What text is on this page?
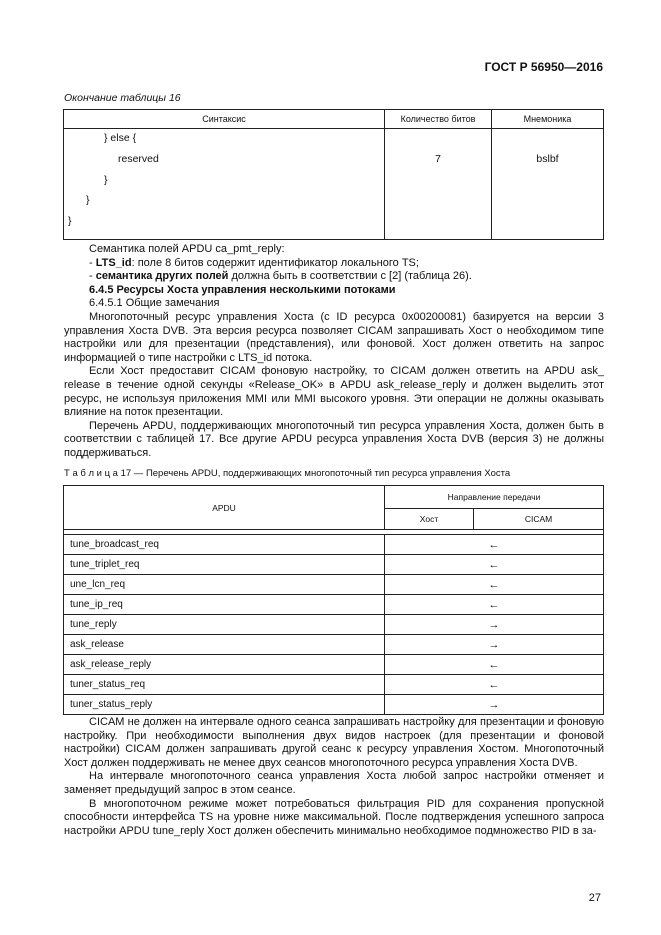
ГОСТ Р 56950—2016
Окончание таблицы 16
Синтаксис	Количество битов	Мнемоника

} else {
reserved
}
}
}	7	bslbf
Семантика полей APDU ca_pmt_reply:
- LTS_id: поле 8 битов содержит идентификатор локального TS;
- семантика других полей должна быть в соответствии с [2] (таблица 26).
6.4.5 Ресурсы Хоста управления несколькими потоками
6.4.5.1 Общие замечания
Многопоточный ресурс управления Хоста (с ID ресурса 0x00200081) базируется на версии 3 управления Хоста DVB. Эта версия ресурса позволяет CICAM запрашивать Хост о необходимом типе настройки или для презентации (представления), или фоновой. Хост должен ответить на запрос информацией о типе настройки с LTS_id потока.
Если Хост предоставит CICAM фоновую настройку, то CICAM должен ответить на APDU ask_ release в течение одной секунды «Release_OK» в APDU ask_release_reply и должен выделить этот ресурс, не используя приложения MMI или MMI высокого уровня. Эти операции не должны оказывать влияние на поток презентации.
Перечень APDU, поддерживающих многопоточный тип ресурса управления Хоста, должен быть в соответствии с таблицей 17. Все другие APDU ресурса управления Хоста DVB (версия 3) не должны поддерживаться.
Т а б л и ц а 17 — Перечень APDU, поддерживающих многопоточный тип ресурса управления Хоста
APDU	Направление передачи	
	Хост	CICAM

tune_broadcast_req	←	
tune_triplet_req	←	
une_lcn_req	←	
tune_ip_req	←	
tune_reply	→	
ask_release	→	
ask_release_reply	←	
tuner_status_req	←	
tuner_status_reply	→	
CICAM не должен на интервале одного сеанса запрашивать настройку для презентации и фоновую настройку. При необходимости выполнения двух видов настроек (для презентации и фоновой настройки) CICAM должен запрашивать другой сеанс к ресурсу управления Хостом. Многопоточный Хост должен поддерживать не менее двух сеансов многопоточного ресурса управления Хоста DVB.
На интервале многопоточного сеанса управления Хоста любой запрос настройки отменяет и заменяет предыдущий запрос в этом сеансе.
В многопоточном режиме может потребоваться фильтрация PID для сохранения пропускной способности интерфейса TS на уровне ниже максимальной. После подтверждения успешного запроса настройки APDU tune_reply Хост должен обеспечить минимально необходимое подмножество PID в за-
27
